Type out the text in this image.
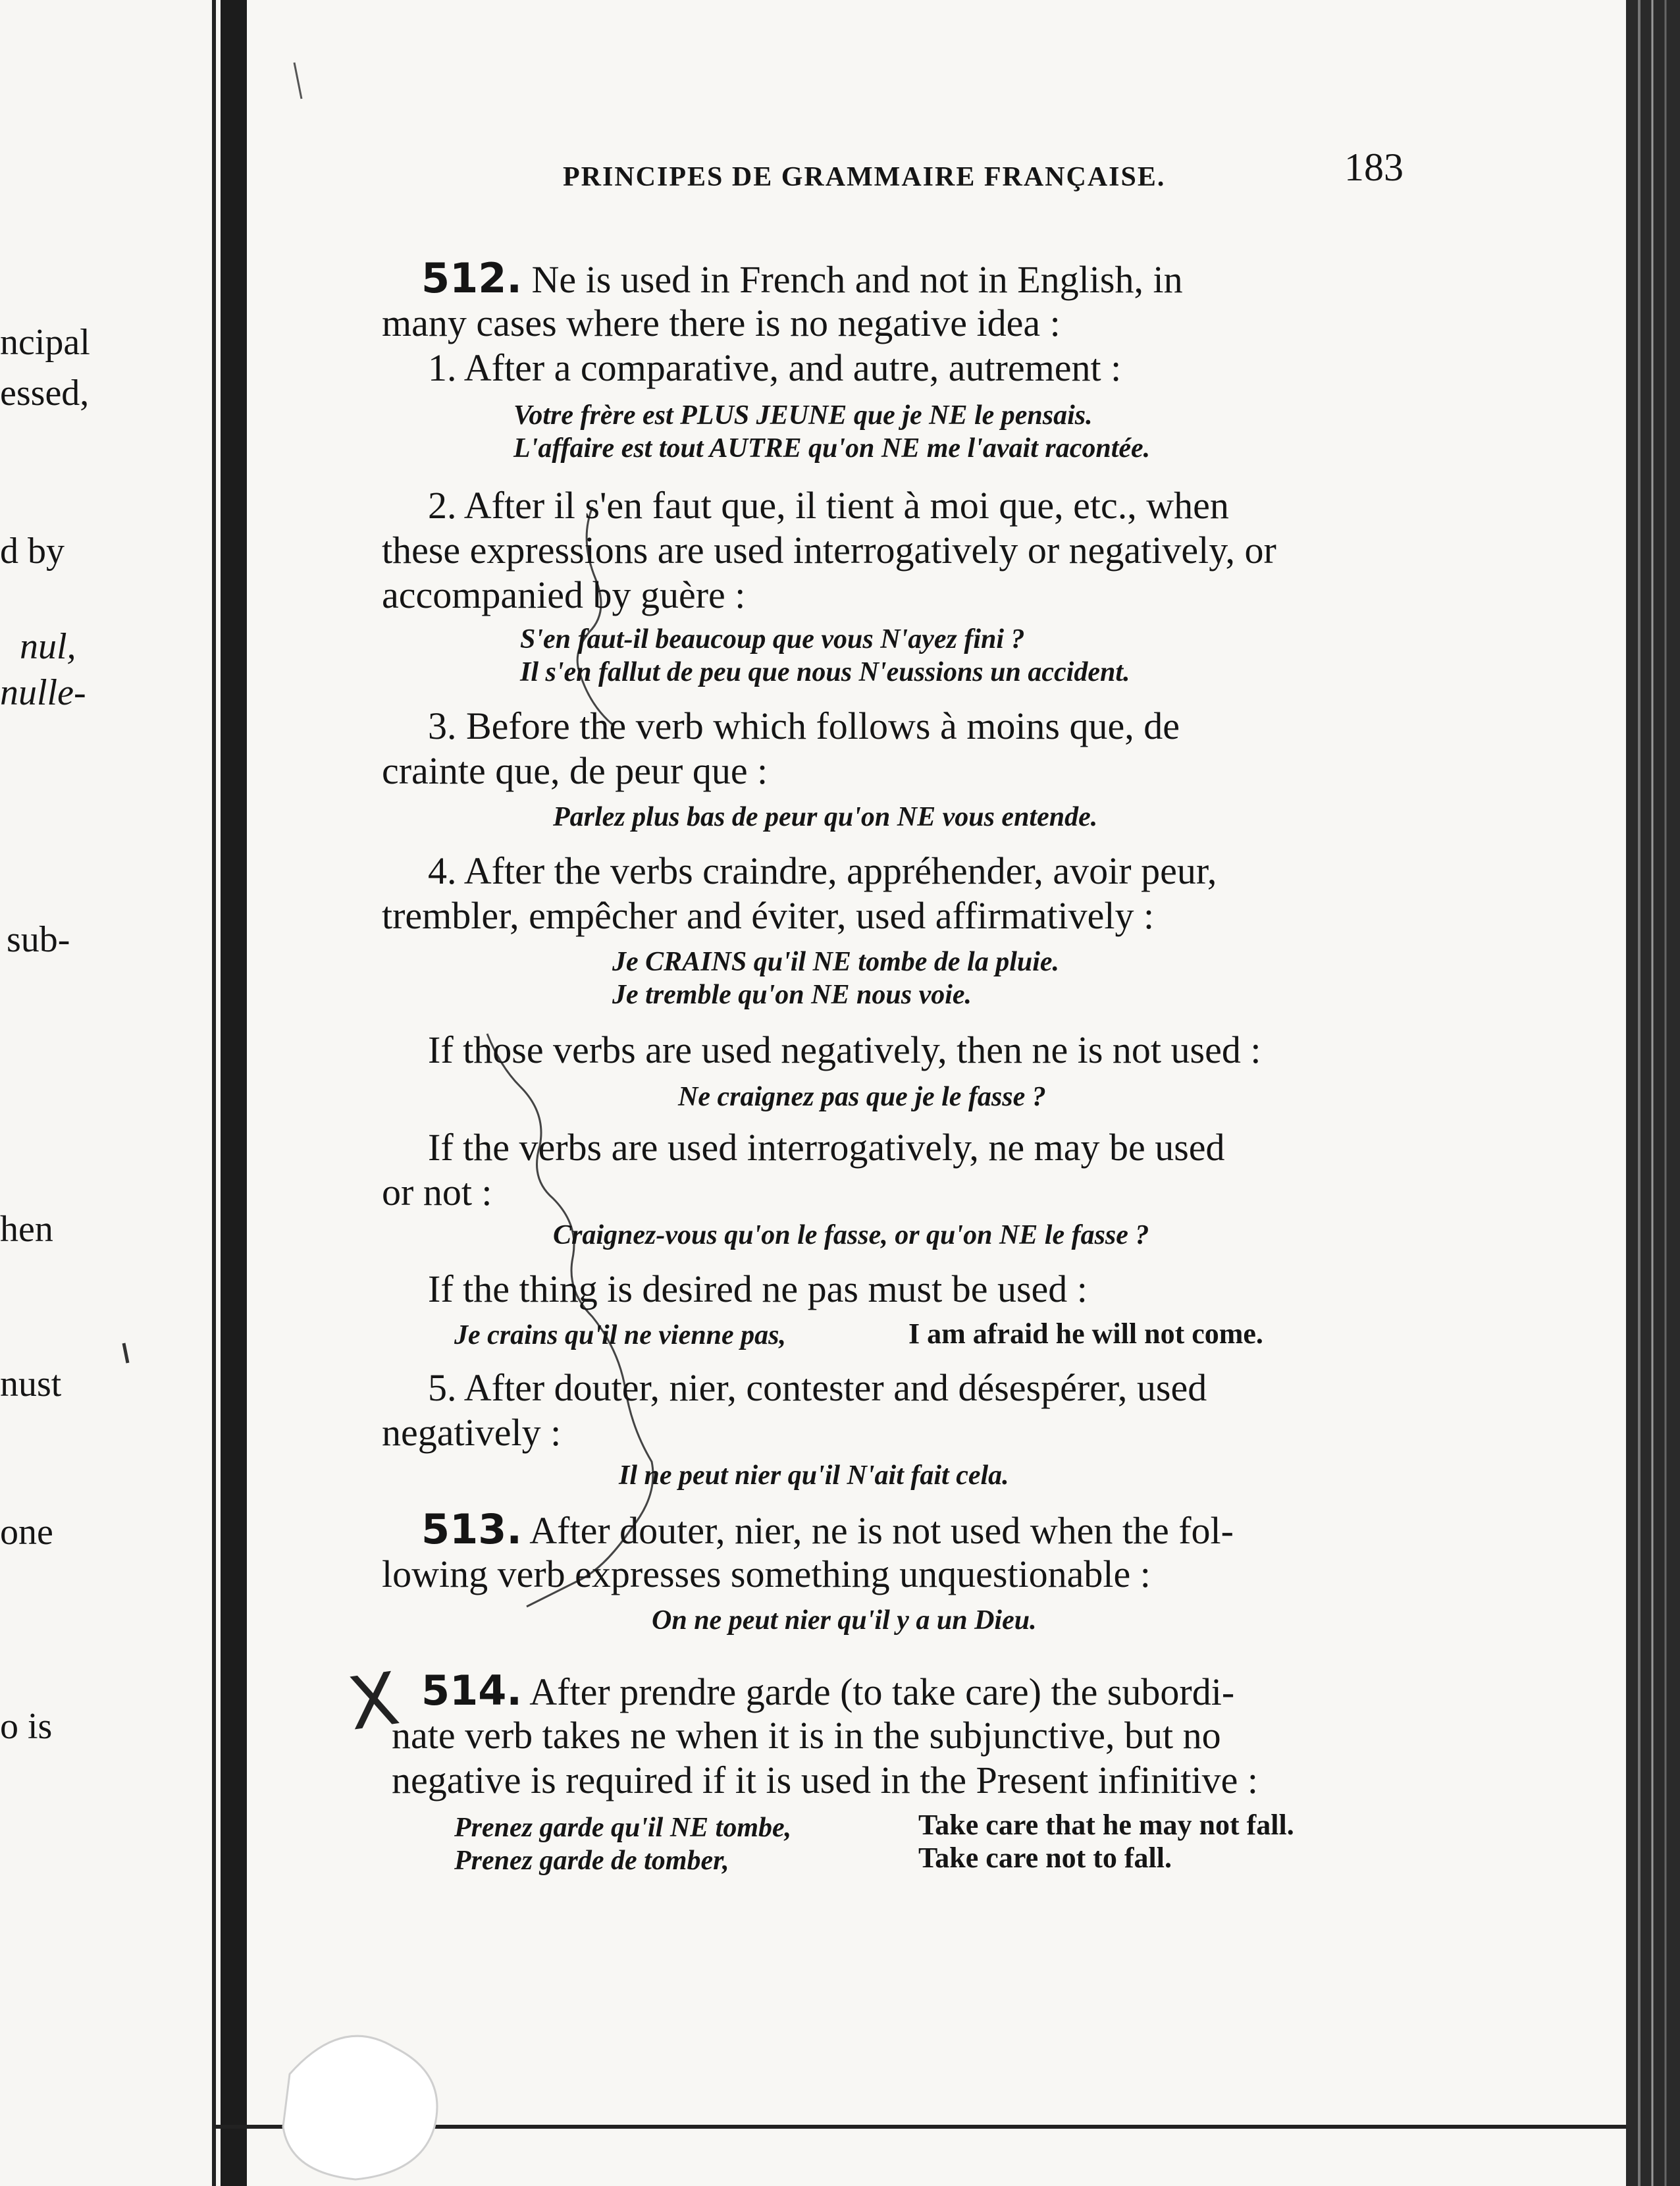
ncipal
essed,
d by
nul,
nulle-
sub-
hen
nust
one
o is
PRINCIPES DE GRAMMAIRE FRANÇAISE.	183
512. Ne is used in French and not in English, in
many cases where there is no negative idea :
1. After a comparative, and autre, autrement :
Votre frère est PLUS JEUNE que je NE le pensais.
L'affaire est tout AUTRE qu'on NE me l'avait racontée.
2. After il s'en faut que, il tient à moi que, etc., when
these expressions are used interrogatively or negatively, or
accompanied by guère :
S'en faut-il beaucoup que vous N'ayez fini ?
Il s'en fallut de peu que nous N'eussions un accident.
3. Before the verb which follows à moins que, de
crainte que, de peur que :
Parlez plus bas de peur qu'on NE vous entende.
4. After the verbs craindre, appréhender, avoir peur,
trembler, empêcher and éviter, used affirmatively :
Je CRAINS qu'il NE tombe de la pluie.
Je tremble qu'on NE nous voie.
If those verbs are used negatively, then ne is not used :
Ne craignez pas que je le fasse ?
If the verbs are used interrogatively, ne may be used
or not :
Craignez-vous qu'on le fasse, or qu'on NE le fasse ?
If the thing is desired ne pas must be used :
Je crains qu'il ne vienne pas,	I am afraid he will not come.
5. After douter, nier, contester and désespérer, used
negatively :
Il ne peut nier qu'il N'ait fait cela.
513. After douter, nier, ne is not used when the fol-
lowing verb expresses something unquestionable :
On ne peut nier qu'il y a un Dieu.
X 514. After prendre garde (to take care) the subordi-
nate verb takes ne when it is in the subjunctive, but no
negative is required if it is used in the Present infinitive :
Prenez garde qu'il NE tombe,	Take care that he may not fall.
Prenez garde de tomber,	Take care not to fall.
